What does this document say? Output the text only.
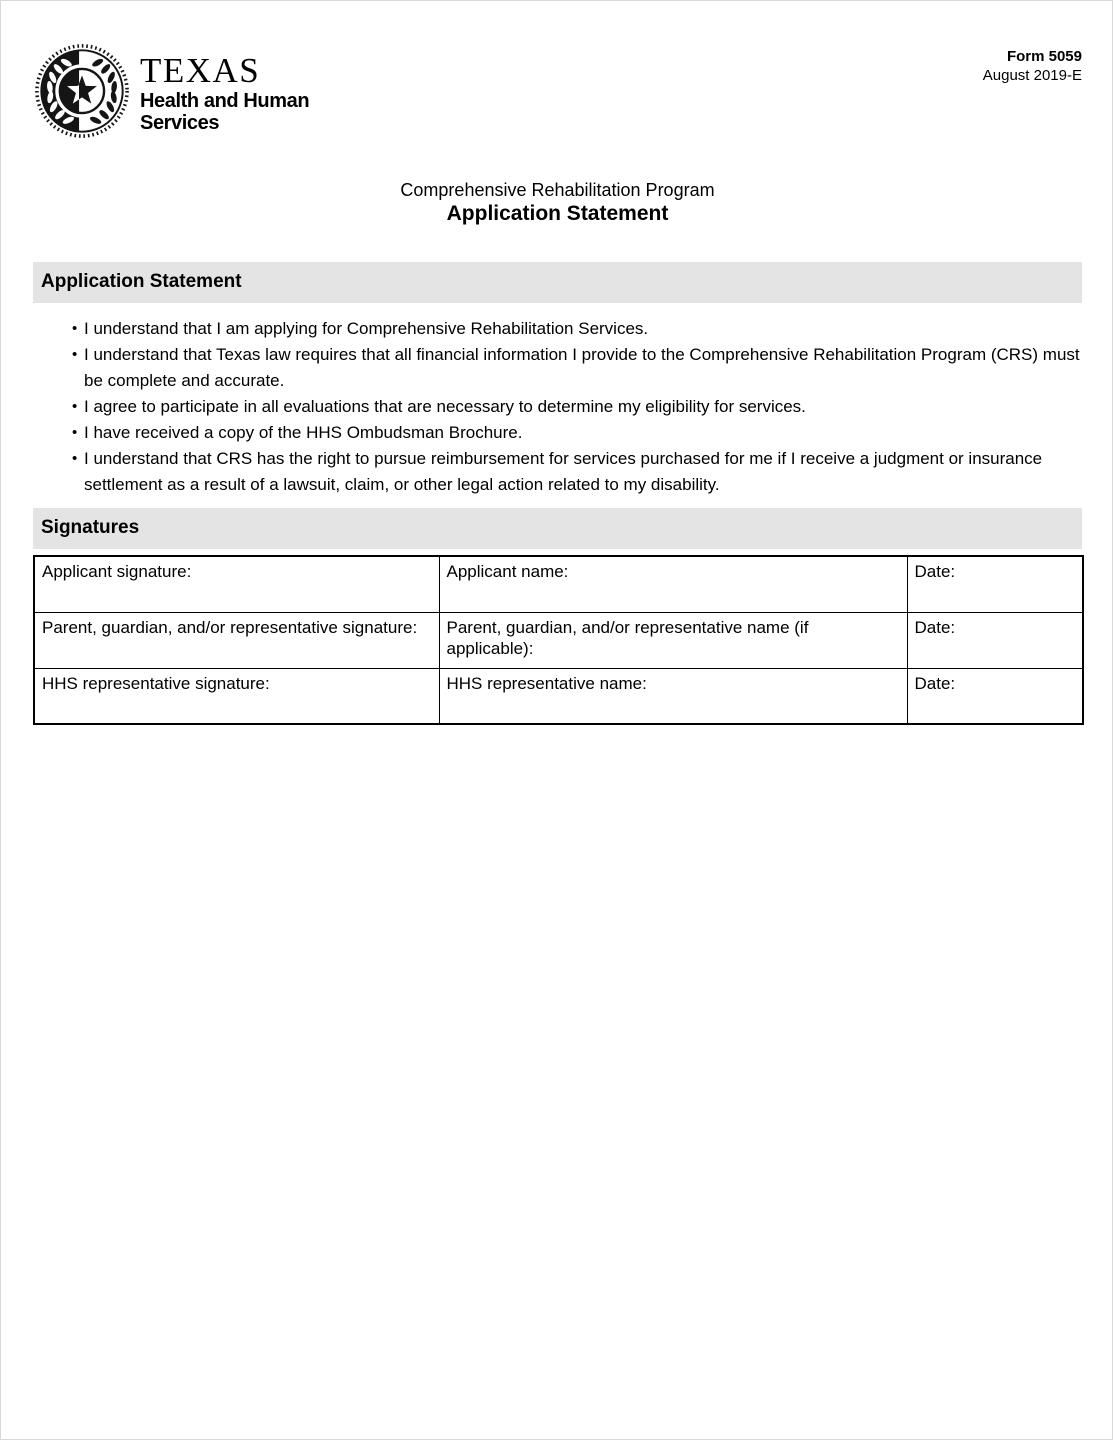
TEXAS
Health and Human
Services
Form 5059
August 2019-E
Comprehensive Rehabilitation Program
Application Statement
Application Statement
• I understand that I am applying for Comprehensive Rehabilitation Services.
• I understand that Texas law requires that all financial information I provide to the Comprehensive Rehabilitation Program (CRS) must be complete and accurate.
• I agree to participate in all evaluations that are necessary to determine my eligibility for services.
• I have received a copy of the HHS Ombudsman Brochure.
• I understand that CRS has the right to pursue reimbursement for services purchased for me if I receive a judgment or insurance settlement as a result of a lawsuit, claim, or other legal action related to my disability.
Signatures
Applicant signature:	Applicant name:	Date:
Parent, guardian, and/or representative signature:	Parent, guardian, and/or representative name (if applicable):	Date:
HHS representative signature:	HHS representative name:	Date:
